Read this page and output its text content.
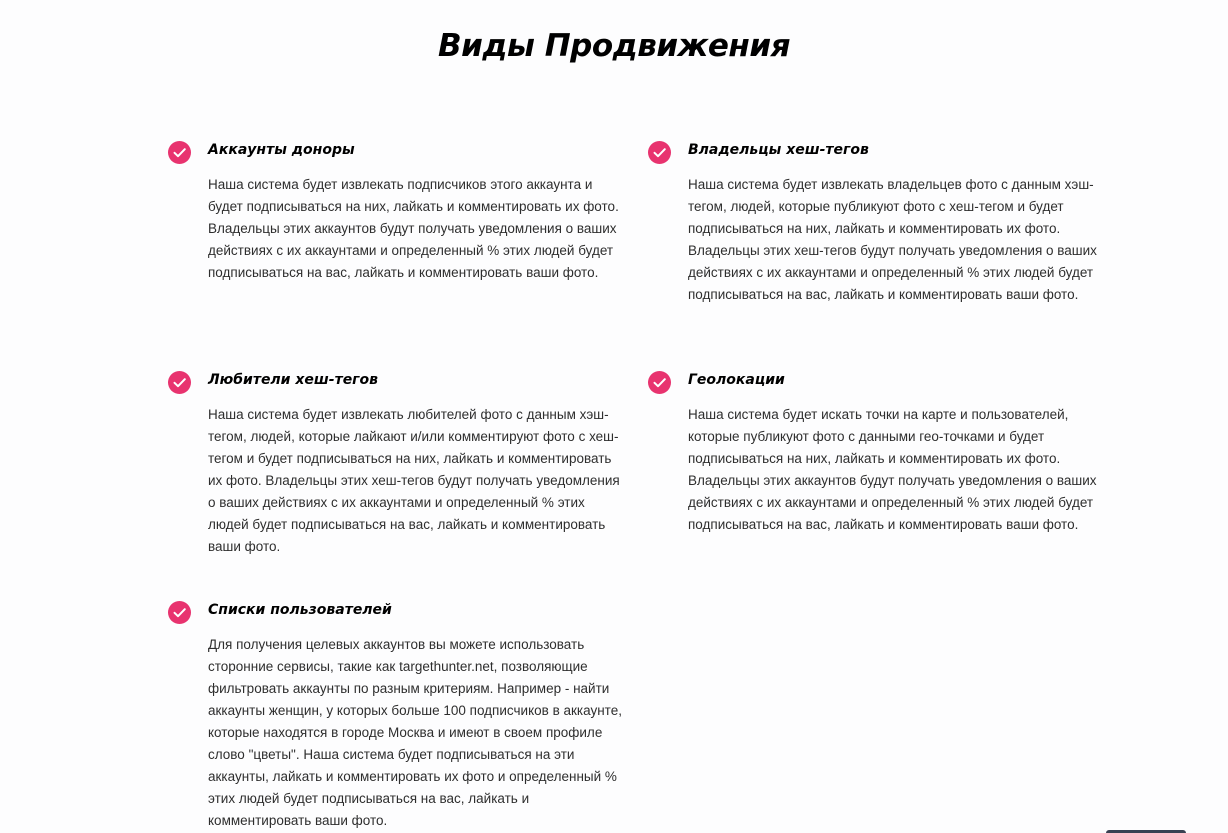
Виды Продвижения
Аккаунты доноры

Наша система будет извлекать подписчиков этого аккаунта и будет подписываться на них, лайкать и комментировать их фото. Владельцы этих аккаунтов будут получать уведомления о ваших действиях с их аккаунтами и определенный % этих людей будет подписываться на вас, лайкать и комментировать ваши фото.

Владельцы хеш-тегов

Наша система будет извлекать владельцев фото с данным хэш-тегом, людей, которые публикуют фото с хеш-тегом и будет подписываться на них, лайкать и комментировать их фото. Владельцы этих хеш-тегов будут получать уведомления о ваших действиях с их аккаунтами и определенный % этих людей будет подписываться на вас, лайкать и комментировать ваши фото.

Любители хеш-тегов

Наша система будет извлекать любителей фото с данным хэш-тегом, людей, которые лайкают и/или комментируют фото с хеш-тегом и будет подписываться на них, лайкать и комментировать их фото. Владельцы этих хеш-тегов будут получать уведомления о ваших действиях с их аккаунтами и определенный % этих людей будет подписываться на вас, лайкать и комментировать ваши фото.

Геолокации

Наша система будет искать точки на карте и пользователей, которые публикуют фото с данными гео-точками и будет подписываться на них, лайкать и комментировать их фото. Владельцы этих аккаунтов будут получать уведомления о ваших действиях с их аккаунтами и определенный % этих людей будет подписываться на вас, лайкать и комментировать ваши фото.

Списки пользователей

Для получения целевых аккаунтов вы можете использовать сторонние сервисы, такие как targethunter.net, позволяющие фильтровать аккаунты по разным критериям. Например - найти аккаунты женщин, у которых больше 100 подписчиков в аккаунте, которые находятся в городе Москва и имеют в своем профиле слово "цветы". Наша система будет подписываться на эти аккаунты, лайкать и комментировать их фото и определенный % этих людей будет подписываться на вас, лайкать и комментировать ваши фото.
